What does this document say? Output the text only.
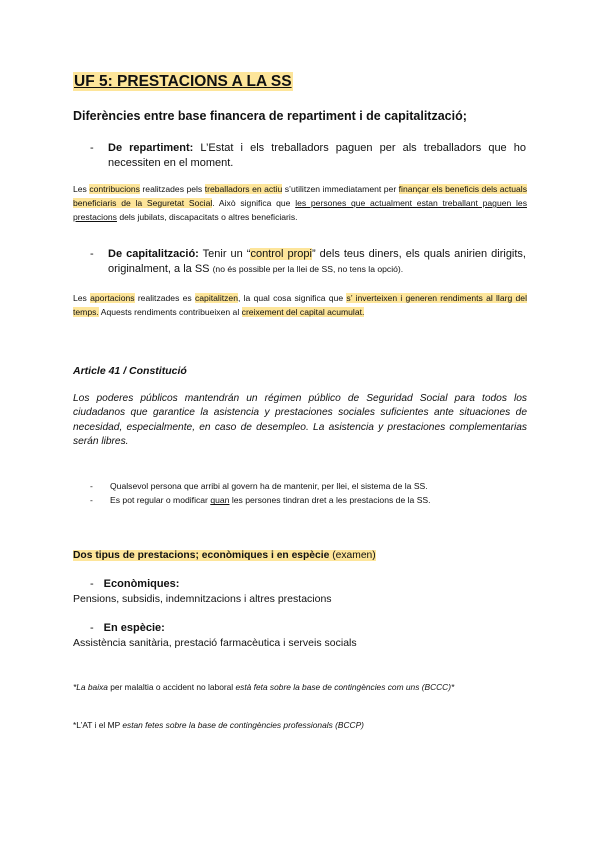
UF 5: PRESTACIONS A LA SS
Diferències entre base financera de repartiment i de capitalització;
- De repartiment: L’Estat i els treballadors paguen per als treballadors que ho necessiten en el moment.
Les contribucions realitzades pels treballadors en actiu s’utilitzen immediatament per finançar els beneficis dels actuals beneficiaris de la Seguretat Social. Això significa que les persones que actualment estan treballant paguen les prestacions dels jubilats, discapacitats o altres beneficiaris.
- De capitalització: Tenir un “control propi” dels teus diners, els quals anirien dirigits, originalment, a la SS (no és possible per la llei de SS, no tens la opció).
Les aportacions realitzades es capitalitzen, la qual cosa significa que s’ inverteixen i generen rendiments al llarg del temps. Aquests rendiments contribueixen al creixement del capital acumulat.
Article 41 / Constitució
Los poderes públicos mantendrán un régimen público de Seguridad Social para todos los ciudadanos que garantice la asistencia y prestaciones sociales suficientes ante situaciones de necesidad, especialmente, en caso de desempleo. La asistencia y prestaciones complementarias serán libres.
- Qualsevol persona que arribi al govern ha de mantenir, per llei, el sistema de la SS.
- Es pot regular o modificar quan les persones tindran dret a les prestacions de la SS.
Dos tipus de prestacions; econòmiques i en espècie (examen)
- Econòmiques:
Pensions, subsidis, indemnitzacions i altres prestacions
- En espècie:
Assistència sanitària, prestació farmacèutica i serveis socials
*La baixa per malaltia o accident no laboral està feta sobre la base de contingències com uns (BCCC)*
*L’AT i el MP estan fetes sobre la base de contingències professionals (BCCP)
